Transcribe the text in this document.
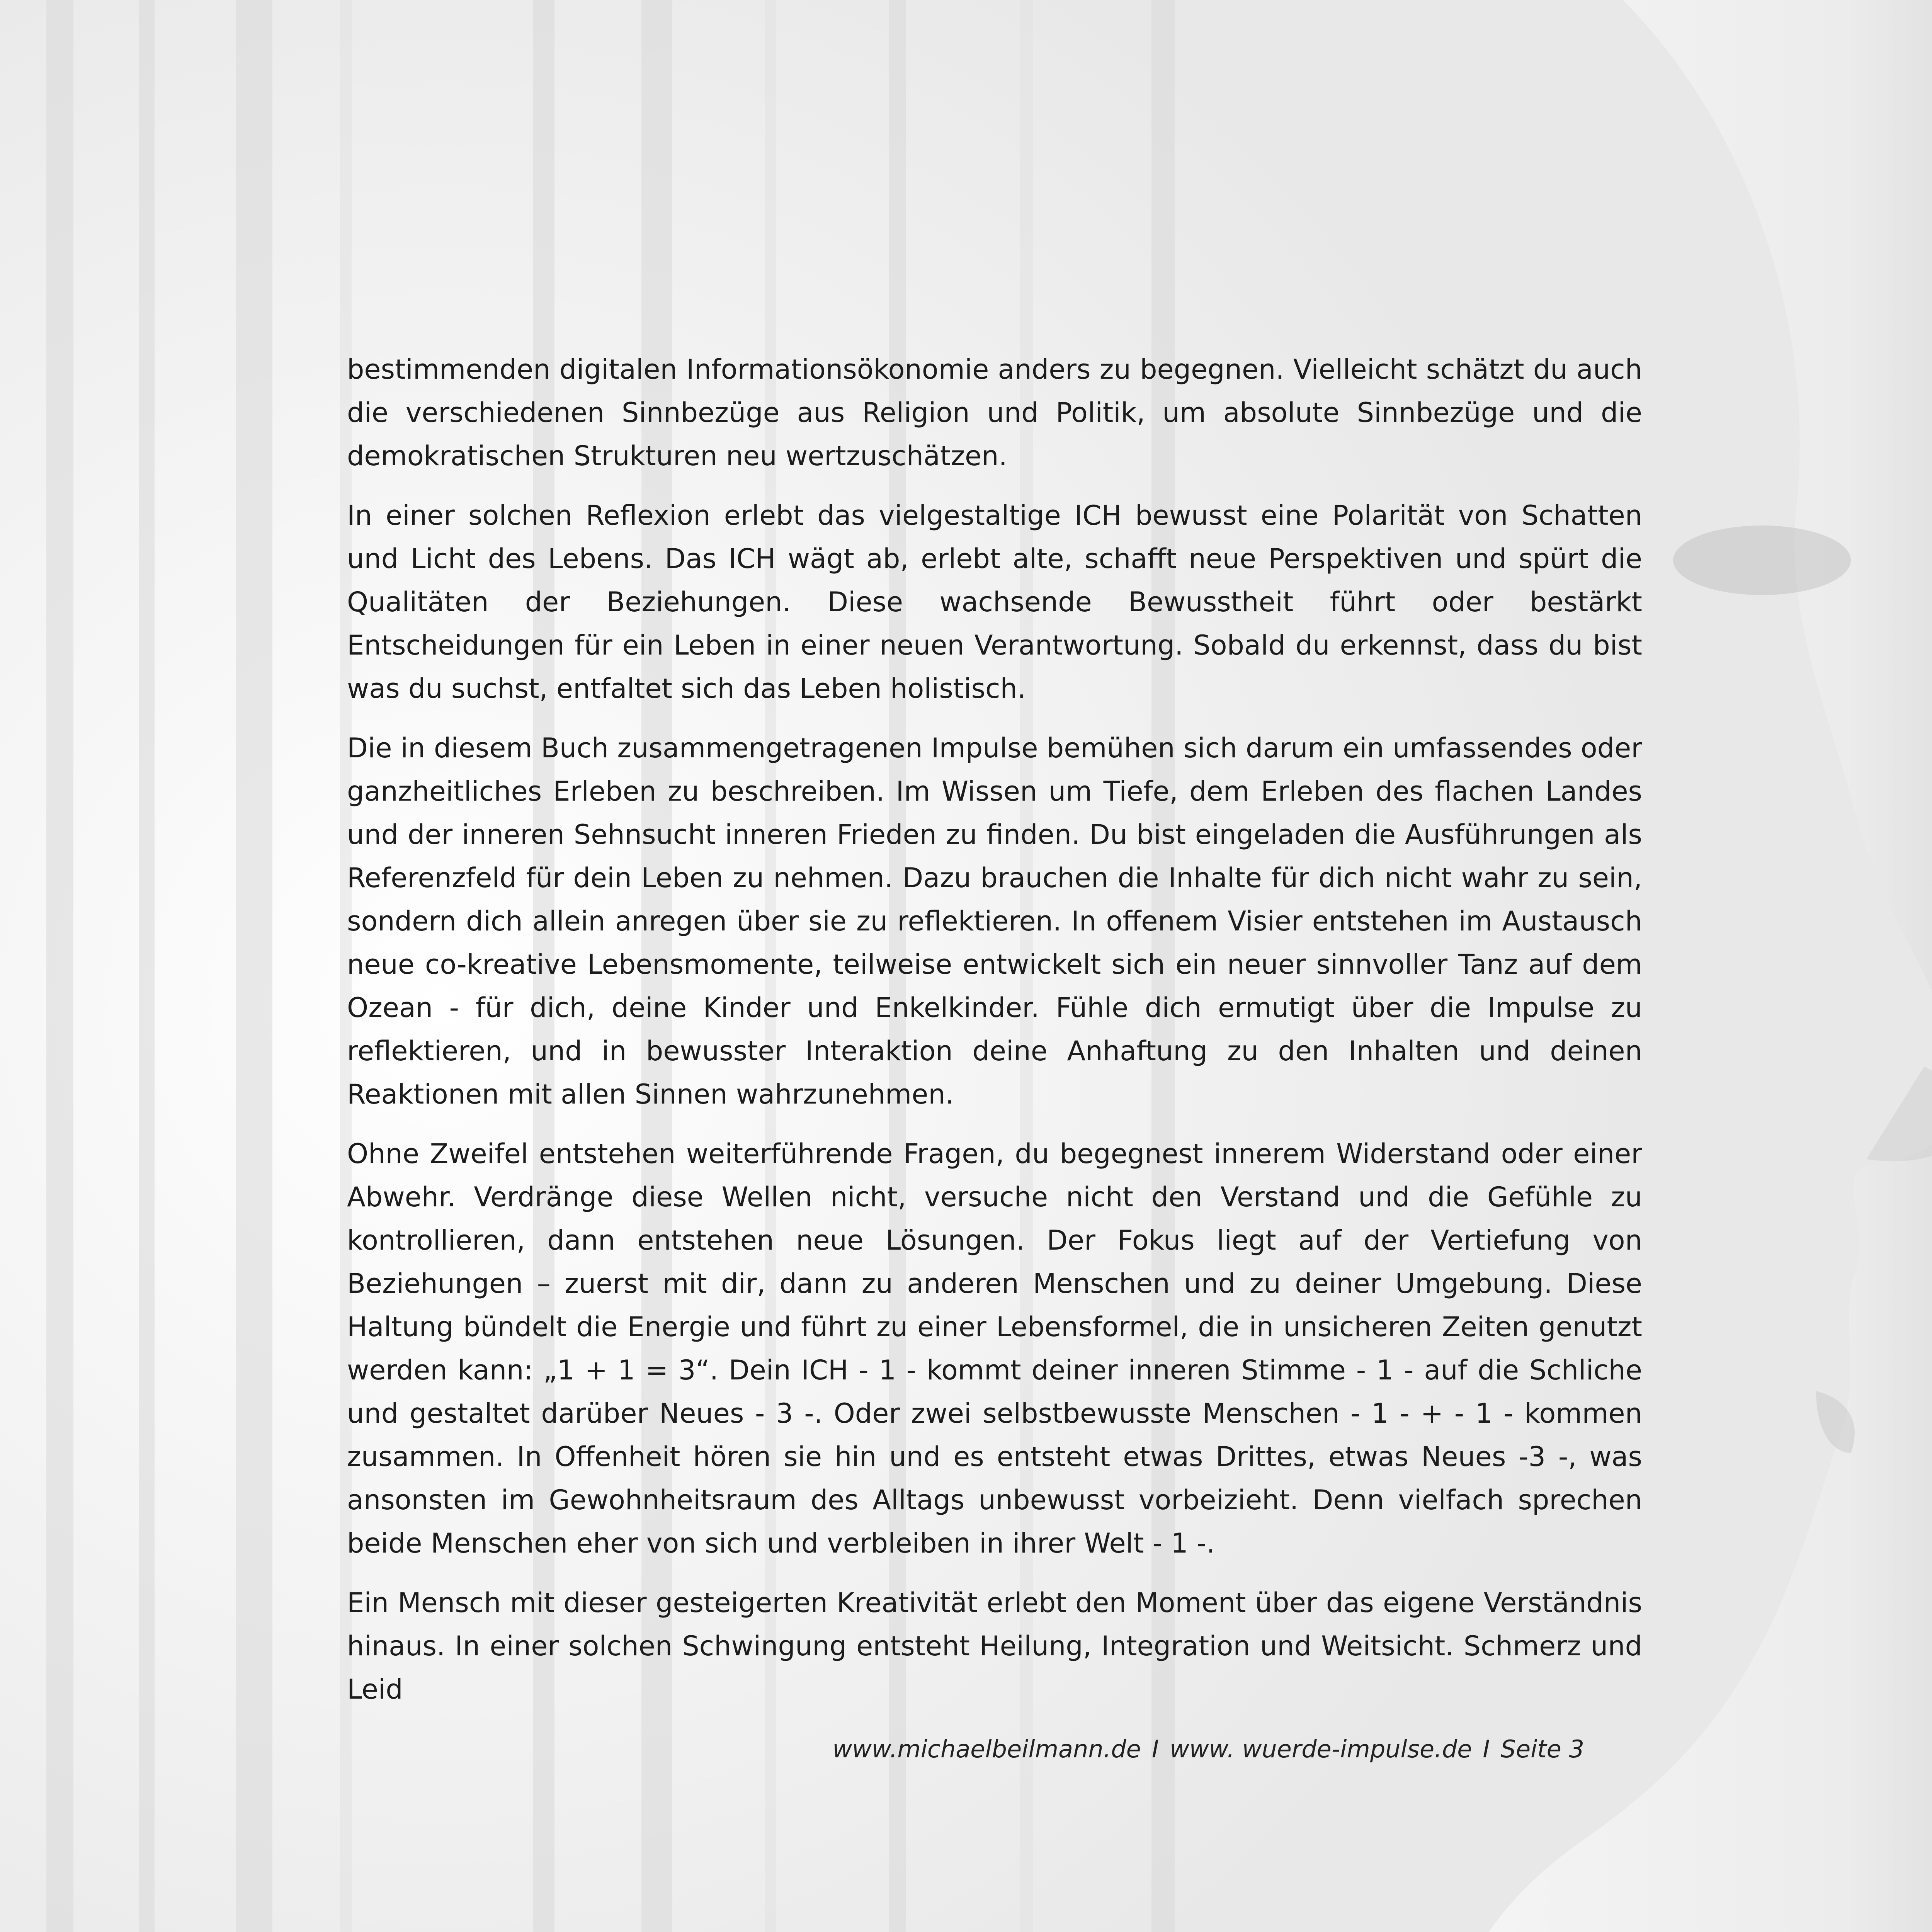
bestimmenden digitalen Informationsökonomie anders zu begegnen. Vielleicht schätzt du auch die verschiedenen Sinnbezüge aus Religion und Politik, um absolute Sinnbezüge und die demokratischen Strukturen neu wertzuschätzen.

In einer solchen Reflexion erlebt das vielgestaltige ICH bewusst eine Polarität von Schatten und Licht des Lebens. Das ICH wägt ab, erlebt alte, schafft neue Perspektiven und spürt die Qualitäten der Beziehungen. Diese wachsende Bewusstheit führt oder bestärkt Entscheidungen für ein Leben in einer neuen Verantwortung. Sobald du erkennst, dass du bist was du suchst, entfaltet sich das Leben holistisch.

Die in diesem Buch zusammengetragenen Impulse bemühen sich darum ein umfassendes oder ganzheitliches Erleben zu beschreiben. Im Wissen um Tiefe, dem Erleben des flachen Landes und der inneren Sehnsucht inneren Frieden zu finden. Du bist eingeladen die Ausführungen als Referenzfeld für dein Leben zu nehmen. Dazu brauchen die Inhalte für dich nicht wahr zu sein, sondern dich allein anregen über sie zu reflektieren. In offenem Visier entstehen im Austausch neue co-kreative Lebensmomente, teilweise entwickelt sich ein neuer sinnvoller Tanz auf dem Ozean - für dich, deine Kinder und Enkelkinder. Fühle dich ermutigt über die Impulse zu reflektieren, und in bewusster Interaktion deine Anhaftung zu den Inhalten und deinen Reaktionen mit allen Sinnen wahrzunehmen.

Ohne Zweifel entstehen weiterführende Fragen, du begegnest innerem Widerstand oder einer Abwehr. Verdränge diese Wellen nicht, versuche nicht den Verstand und die Gefühle zu kontrollieren, dann entstehen neue Lösungen. Der Fokus liegt auf der Vertiefung von Beziehungen – zuerst mit dir, dann zu anderen Menschen und zu deiner Umgebung. Diese Haltung bündelt die Energie und führt zu einer Lebensformel, die in unsicheren Zeiten genutzt werden kann: „1 + 1 = 3“. Dein ICH - 1 - kommt deiner inneren Stimme - 1 - auf die Schliche und gestaltet darüber Neues - 3 -. Oder zwei selbstbewusste Menschen - 1 - + - 1 - kommen zusammen. In Offenheit hören sie hin und es entsteht etwas Drittes, etwas Neues -3 -, was ansonsten im Gewohnheitsraum des Alltags unbewusst vorbeizieht. Denn vielfach sprechen beide Menschen eher von sich und verbleiben in ihrer Welt - 1 -.

Ein Mensch mit dieser gesteigerten Kreativität erlebt den Moment über das eigene Verständnis hinaus. In einer solchen Schwingung entsteht Heilung, Integration und Weitsicht. Schmerz und Leid

www.michaelbeilmann.de I www. wuerde-impulse.de I Seite 3
